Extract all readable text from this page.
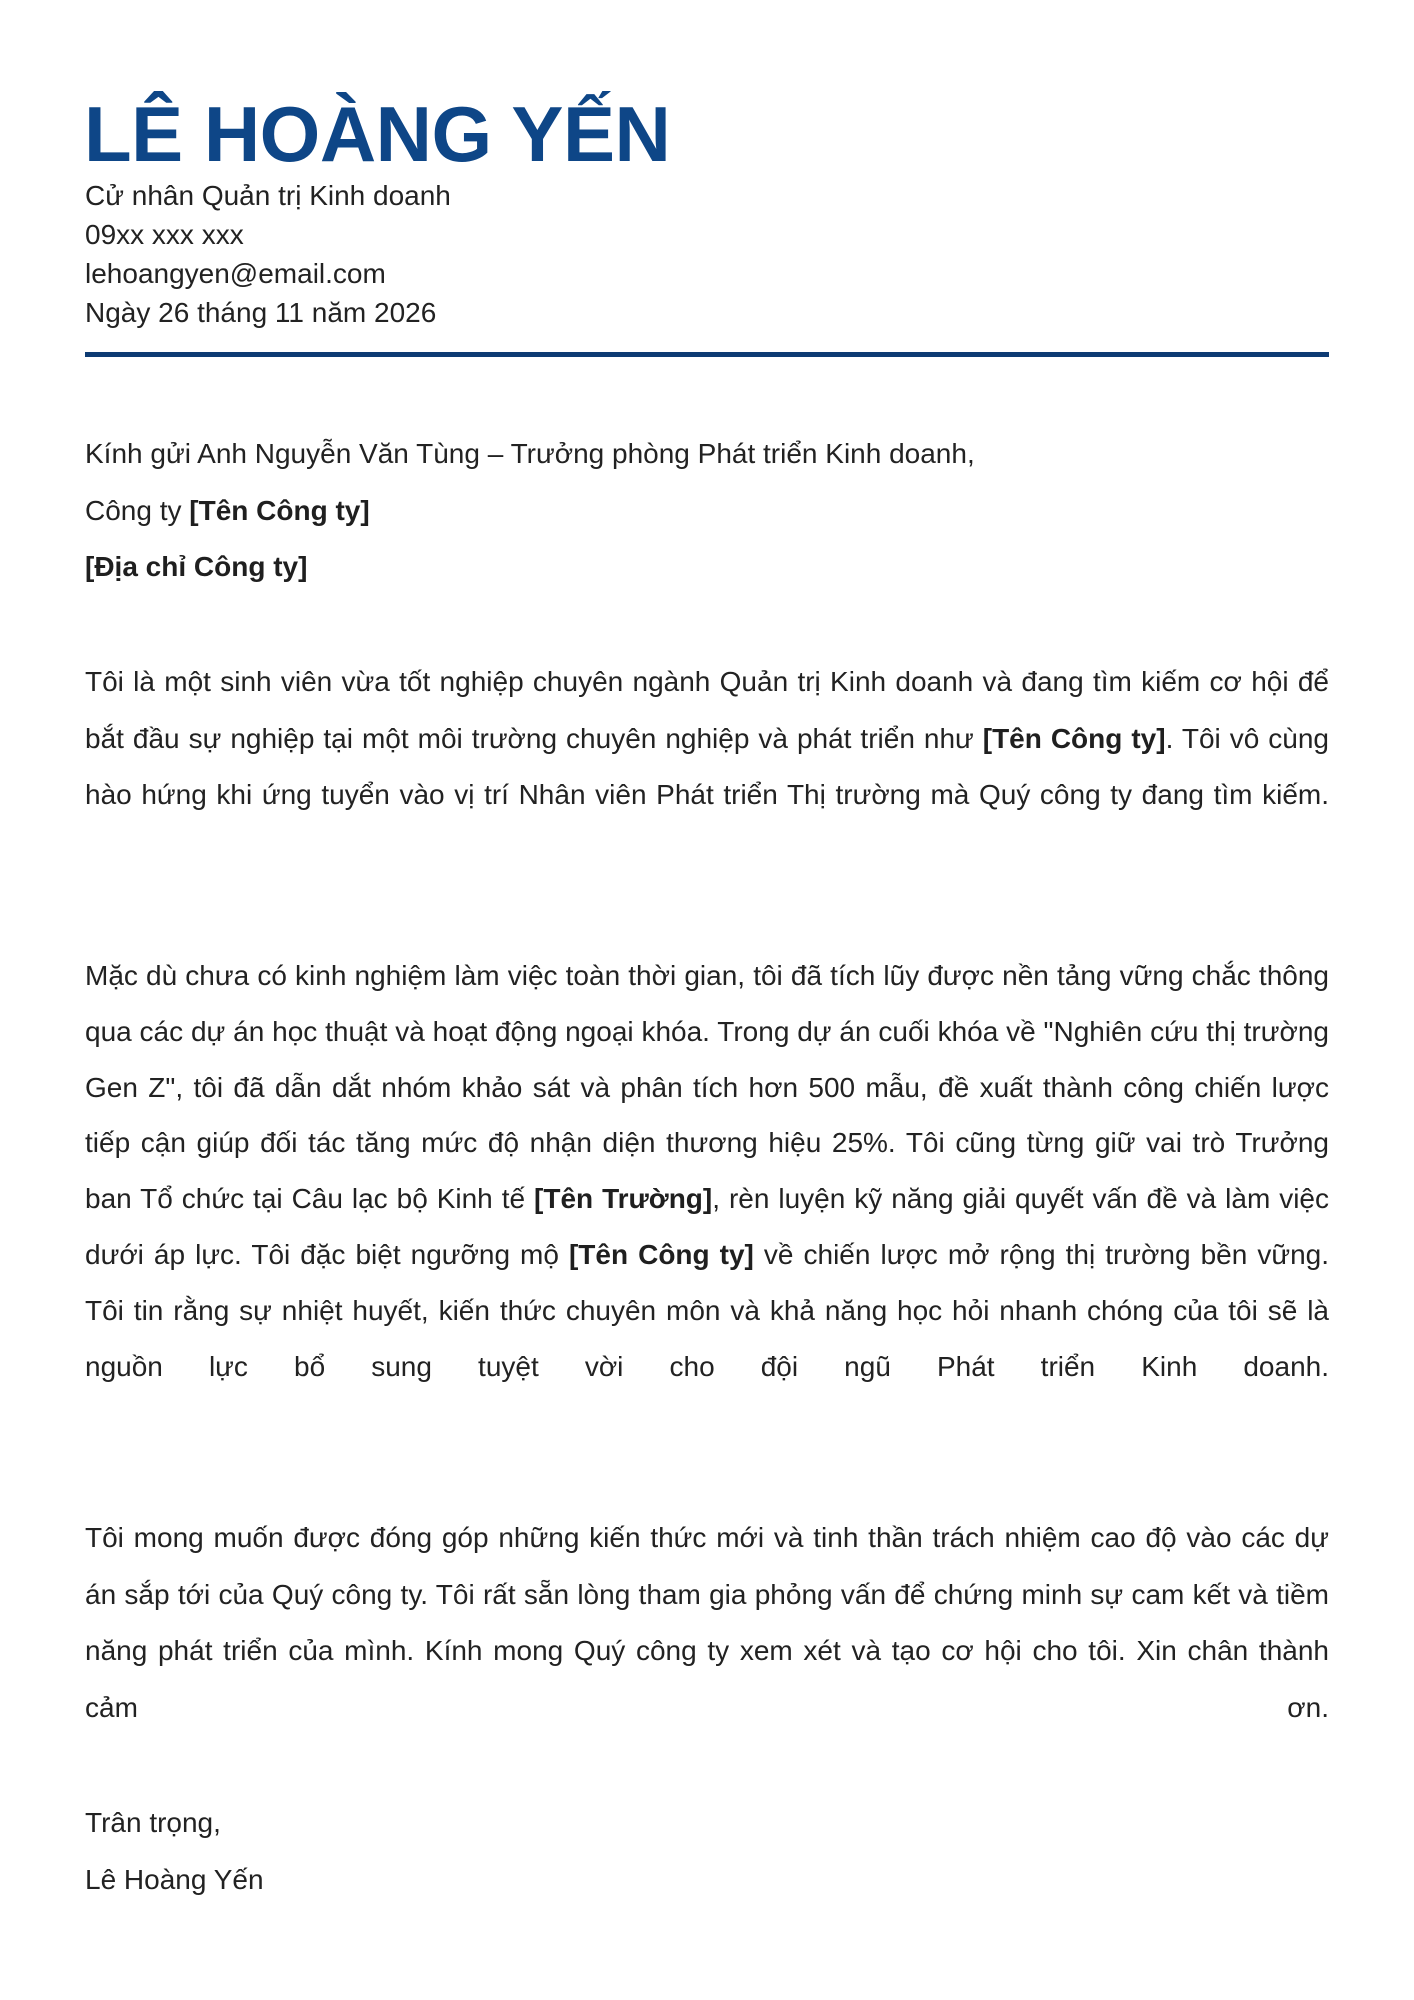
LÊ HOÀNG YẾN
Cử nhân Quản trị Kinh doanh
09xx xxx xxx
lehoangyen@email.com
Ngày 26 tháng 11 năm 2026
Kính gửi Anh Nguyễn Văn Tùng – Trưởng phòng Phát triển Kinh doanh,
Công ty [Tên Công ty]
[Địa chỉ Công ty]

Tôi là một sinh viên vừa tốt nghiệp chuyên ngành Quản trị Kinh doanh và đang tìm kiếm cơ hội để bắt đầu sự nghiệp tại một môi trường chuyên nghiệp và phát triển như [Tên Công ty]. Tôi vô cùng hào hứng khi ứng tuyển vào vị trí Nhân viên Phát triển Thị trường mà Quý công ty đang tìm kiếm.

Mặc dù chưa có kinh nghiệm làm việc toàn thời gian, tôi đã tích lũy được nền tảng vững chắc thông qua các dự án học thuật và hoạt động ngoại khóa. Trong dự án cuối khóa về "Nghiên cứu thị trường Gen Z", tôi đã dẫn dắt nhóm khảo sát và phân tích hơn 500 mẫu, đề xuất thành công chiến lược tiếp cận giúp đối tác tăng mức độ nhận diện thương hiệu 25%. Tôi cũng từng giữ vai trò Trưởng ban Tổ chức tại Câu lạc bộ Kinh tế [Tên Trường], rèn luyện kỹ năng giải quyết vấn đề và làm việc dưới áp lực. Tôi đặc biệt ngưỡng mộ [Tên Công ty] về chiến lược mở rộng thị trường bền vững. Tôi tin rằng sự nhiệt huyết, kiến thức chuyên môn và khả năng học hỏi nhanh chóng của tôi sẽ là nguồn lực bổ sung tuyệt vời cho đội ngũ Phát triển Kinh doanh.

Tôi mong muốn được đóng góp những kiến thức mới và tinh thần trách nhiệm cao độ vào các dự án sắp tới của Quý công ty. Tôi rất sẵn lòng tham gia phỏng vấn để chứng minh sự cam kết và tiềm năng phát triển của mình. Kính mong Quý công ty xem xét và tạo cơ hội cho tôi. Xin chân thành cảm ơn.

Trân trọng,
Lê Hoàng Yến
